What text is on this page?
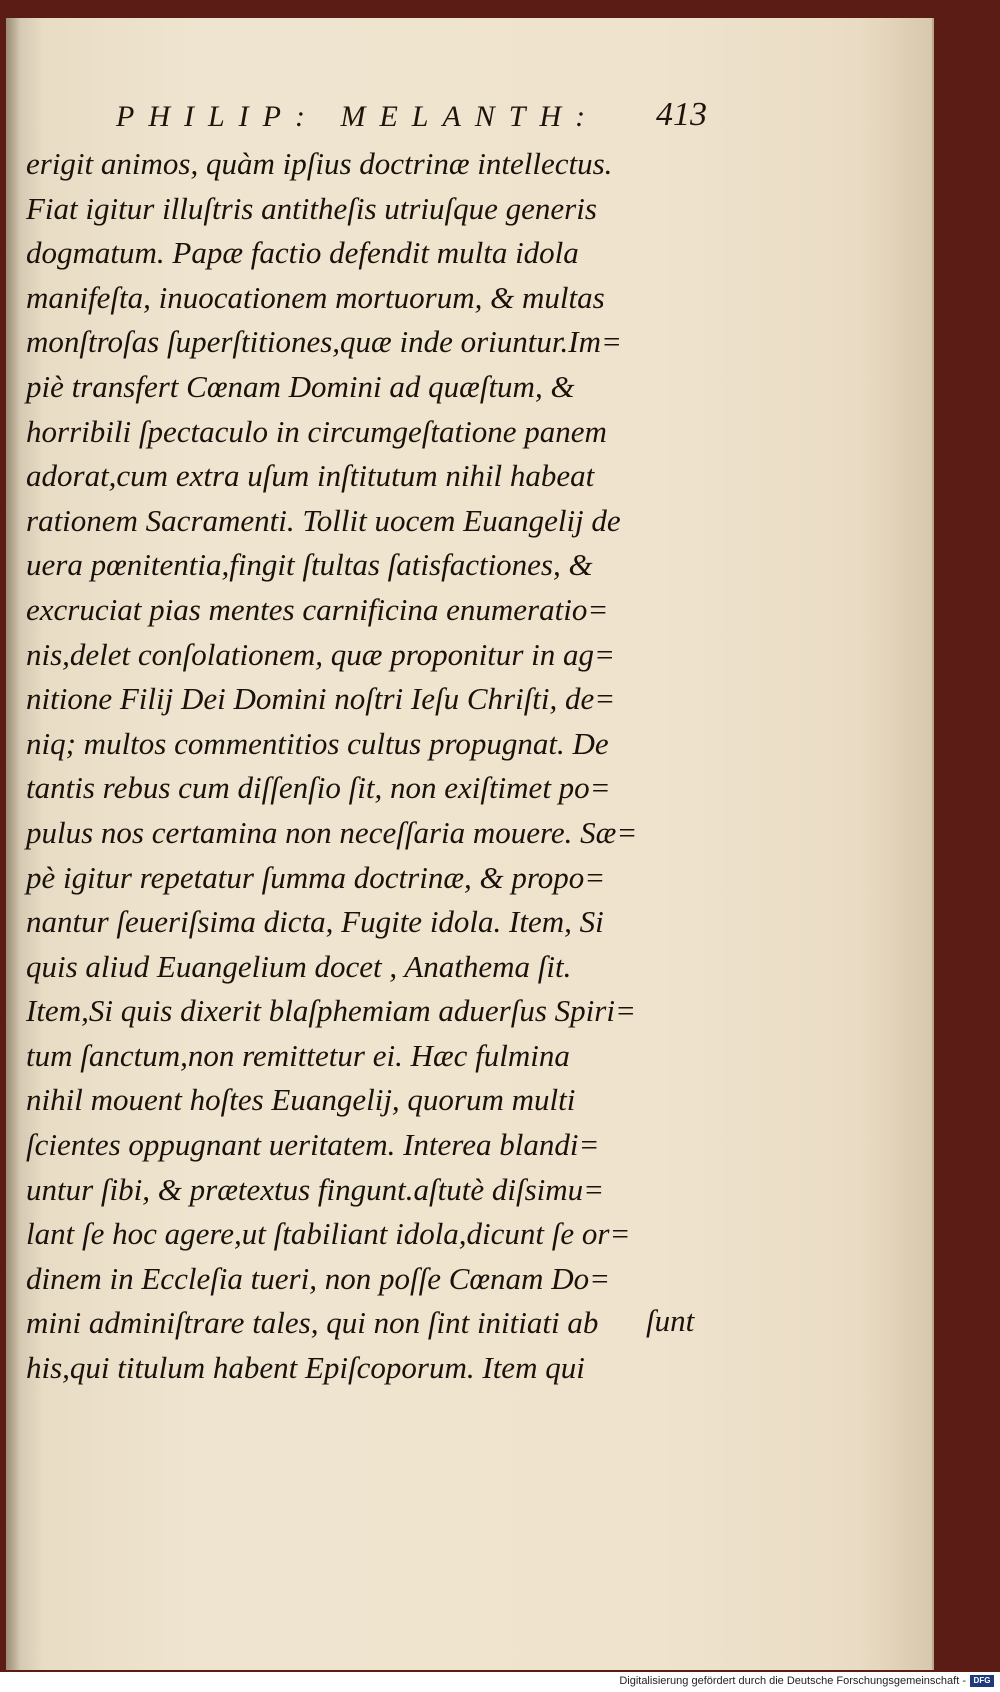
PHILIP: MELANTH:	413
erigit animos, quàm ipſius doctrinæ intellectus.
Fiat igitur illuſtris antitheſis utriuſque generis
dogmatum. Papæ factio defendit multa idola
manifeſta, inuocationem mortuorum, & multas
monſtroſas ſuperſtitiones,quæ inde oriuntur.Im=
piè transfert Cœnam Domini ad quæſtum, &
horribili ſpectaculo in circumgeſtatione panem
adorat,cum extra uſum inſtitutum nihil habeat
rationem Sacramenti. Tollit uocem Euangelij de
uera pœnitentia,fingit ſtultas ſatisfactiones, &
excruciat pias mentes carnificina enumeratio=
nis,delet conſolationem, quæ proponitur in ag=
nitione Filij Dei Domini noſtri Ieſu Chriſti, de=
niq; multos commentitios cultus propugnat. De
tantis rebus cum diſſenſio ſit, non exiſtimet po=
pulus nos certamina non neceſſaria mouere. Sæ=
pè igitur repetatur ſumma doctrinæ, & propo=
nantur ſeueriſsima dicta, Fugite idola. Item, Si
quis aliud Euangelium docet , Anathema ſit.
Item,Si quis dixerit blaſphemiam aduerſus Spiri=
tum ſanctum,non remittetur ei. Hæc fulmina
nihil mouent hoſtes Euangelij, quorum multi
ſcientes oppugnant ueritatem. Interea blandi=
untur ſibi, & prætextus fingunt.aſtutè diſsimu=
lant ſe hoc agere,ut ſtabiliant idola,dicunt ſe or=
dinem in Eccleſia tueri, non poſſe Cœnam Do=
mini adminiſtrare tales, qui non ſint initiati ab
his,qui titulum habent Epiſcoporum. Item qui
ſunt
Digitalisierung gefördert durch die Deutsche Forschungsgemeinschaft - DFG
